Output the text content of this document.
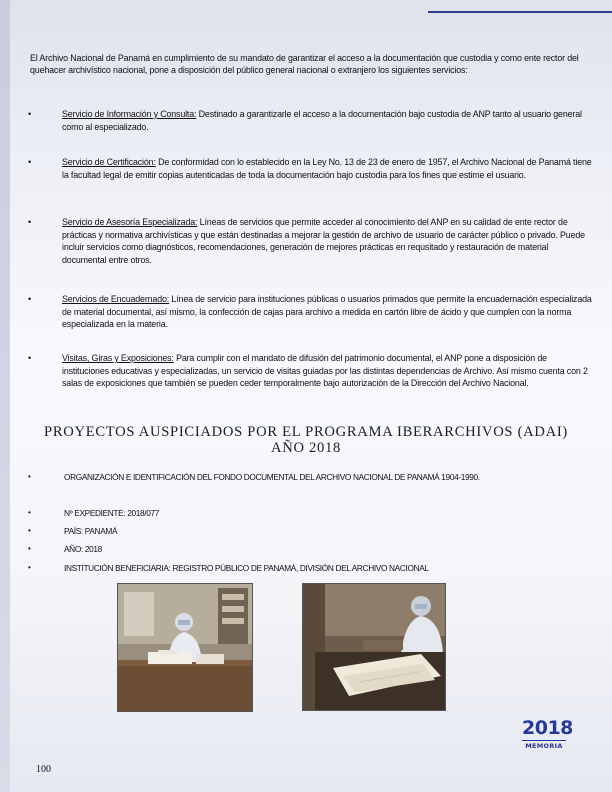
El Archivo Nacional de Panamá en cumplimiento de su mandato de garantizar el acceso a la documentación que custodia y como ente rector del quehacer archivístico nacional, pone a disposición del público general nacional o extranjero los siguientes servicios:

•	Servicio de Información y Consulta: Destinado a garantizarle el acceso a la documentación bajo custodia de ANP tanto al usuario general como al especializado.
•	Servicio de Certificación: De conformidad con lo establecido en la Ley No. 13 de 23 de enero de 1957, el Archivo Nacional de Panamá tiene la facultad legal de emitir copias autenticadas de toda la documentación bajo custodia para los fines que estime el usuario.
•	Servicio de Asesoría Especializada: Líneas de servicios que permite acceder al conocimiento del ANP en su calidad de ente rector de prácticas y normativa archivísticas y que están destinadas a mejorar la gestión de archivo de usuario de carácter público o privado. Puede incluir servicios como diagnósticos, recomendaciones, generación de mejores prácticas en requsitado y restauración de material documental entre otros.
•	Servicios de Encuadernado: Línea de servicio para instituciones públicas o usuarios primados que permite la encuadernación especializada de material documental, así mismo, la confección de cajas para archivo a medida en cartón libre de ácido y que cumplen con la norma especializada en la materia.
•	Visitas, Giras y Exposiciones: Para cumplir con el mandato de difusión del patrimonio documental, el ANP pone a disposición de instituciones educativas y especializadas, un servicio de visitas guiadas por las distintas dependencias de Archivo. Así mismo cuenta con 2 salas de exposiciones que también se pueden ceder temporalmente bajo autorización de la Dirección del Archivo Nacional.
PROYECTOS AUSPICIADOS POR EL PROGRAMA IBERARCHIVOS (ADAI)
AÑO 2018
•	ORGANIZACIÓN E IDENTIFICACIÓN DEL FONDO DOCUMENTAL DEL ARCHIVO NACIONAL DE PANAMÁ 1904-1990.
•	Nº EXPEDIENTE: 2018/077
•	PAÍS: PANAMÁ
•	AÑO: 2018
•	INSTITUCIÓN BENEFICIARIA: REGISTRO PÚBLICO DE PANAMÁ, DIVISIÓN DEL ARCHIVO NACIONAL
2018
MEMORIA
100
